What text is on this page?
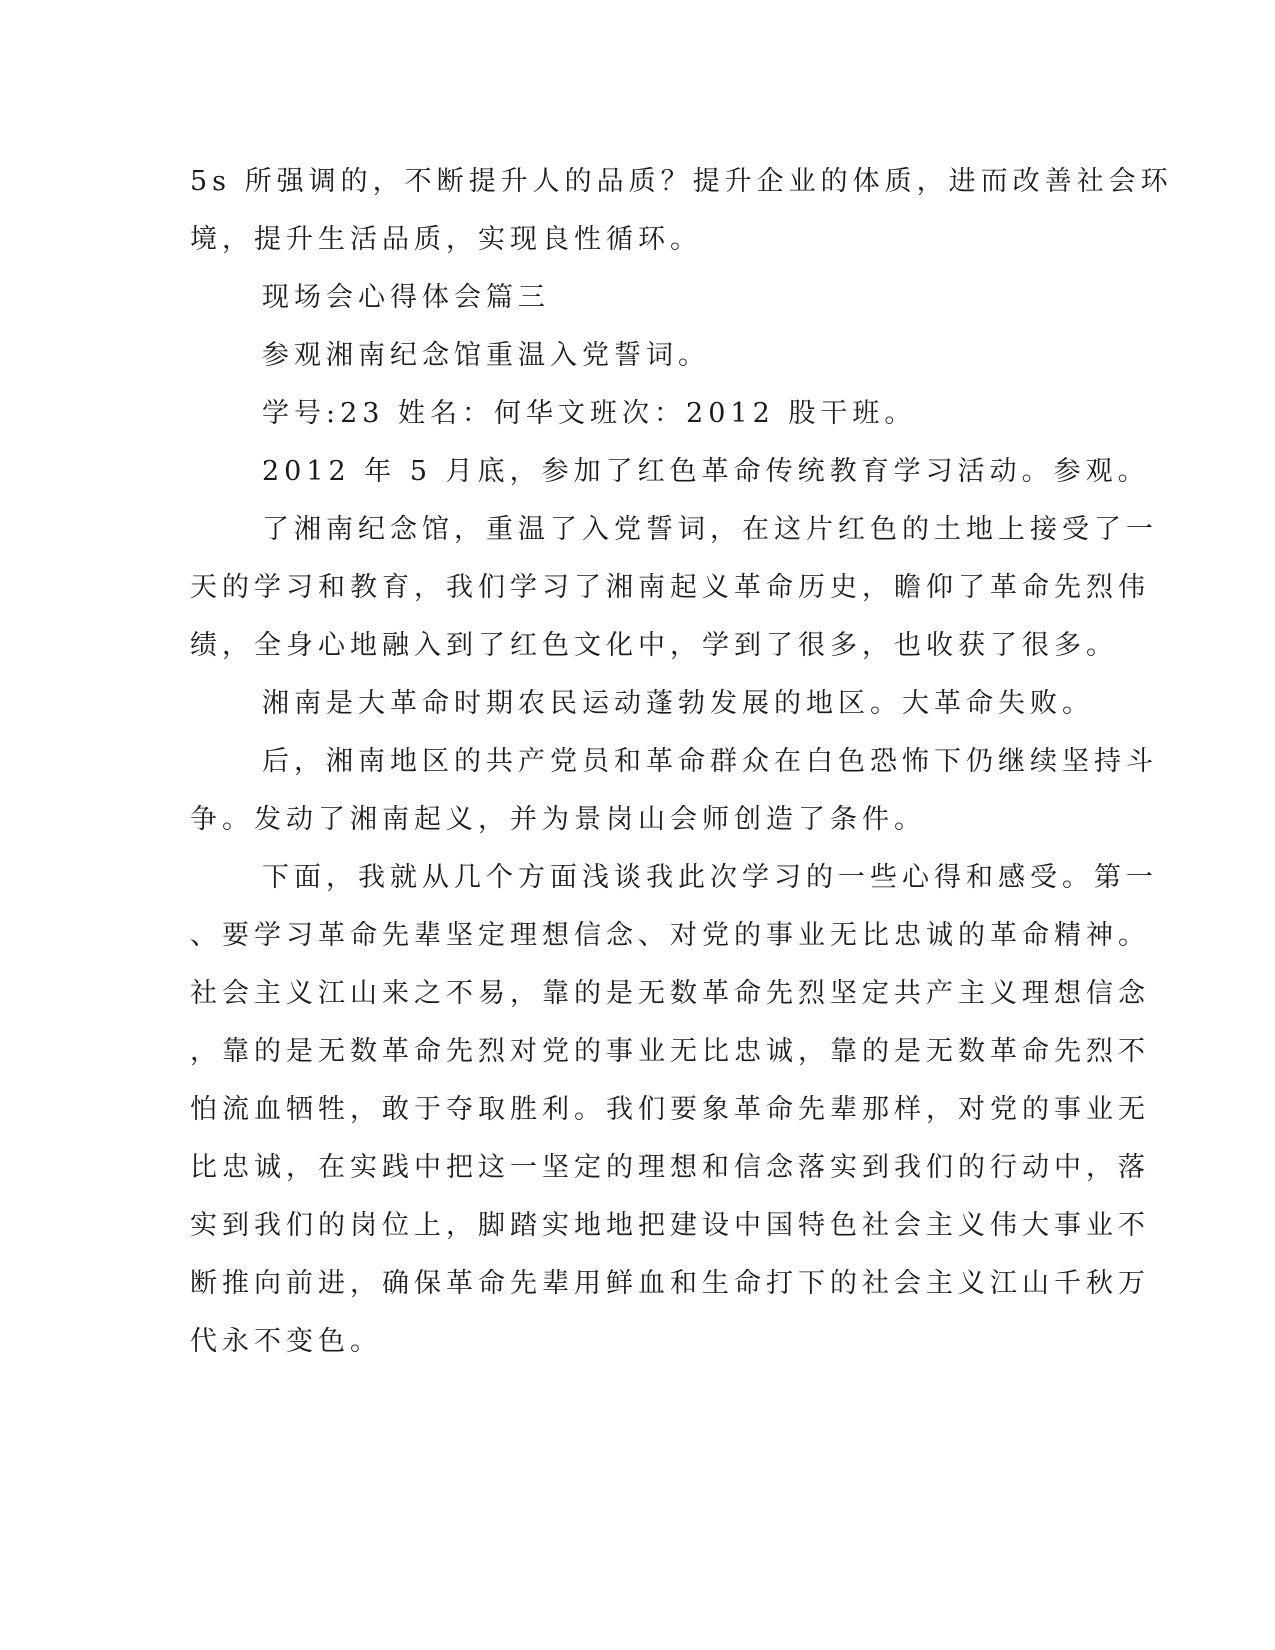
5s 所强调的，不断提升人的品质？提升企业的体质，进而改善社会环
境，提升生活品质，实现良性循环。
现场会心得体会篇三
参观湘南纪念馆重温入党誓词。
学号:23 姓名：何华文班次：2012 股干班。
2012 年 5 月底，参加了红色革命传统教育学习活动。参观。
了湘南纪念馆，重温了入党誓词，在这片红色的土地上接受了一
天的学习和教育，我们学习了湘南起义革命历史，瞻仰了革命先烈伟
绩，全身心地融入到了红色文化中，学到了很多，也收获了很多。
湘南是大革命时期农民运动蓬勃发展的地区。大革命失败。
后，湘南地区的共产党员和革命群众在白色恐怖下仍继续坚持斗
争。发动了湘南起义，并为景岗山会师创造了条件。
下面，我就从几个方面浅谈我此次学习的一些心得和感受。第一
、要学习革命先辈坚定理想信念、对党的事业无比忠诚的革命精神。
社会主义江山来之不易，靠的是无数革命先烈坚定共产主义理想信念
，靠的是无数革命先烈对党的事业无比忠诚，靠的是无数革命先烈不
怕流血牺牲，敢于夺取胜利。我们要象革命先辈那样，对党的事业无
比忠诚，在实践中把这一坚定的理想和信念落实到我们的行动中，落
实到我们的岗位上，脚踏实地地把建设中国特色社会主义伟大事业不
断推向前进，确保革命先辈用鲜血和生命打下的社会主义江山千秋万
代永不变色。
